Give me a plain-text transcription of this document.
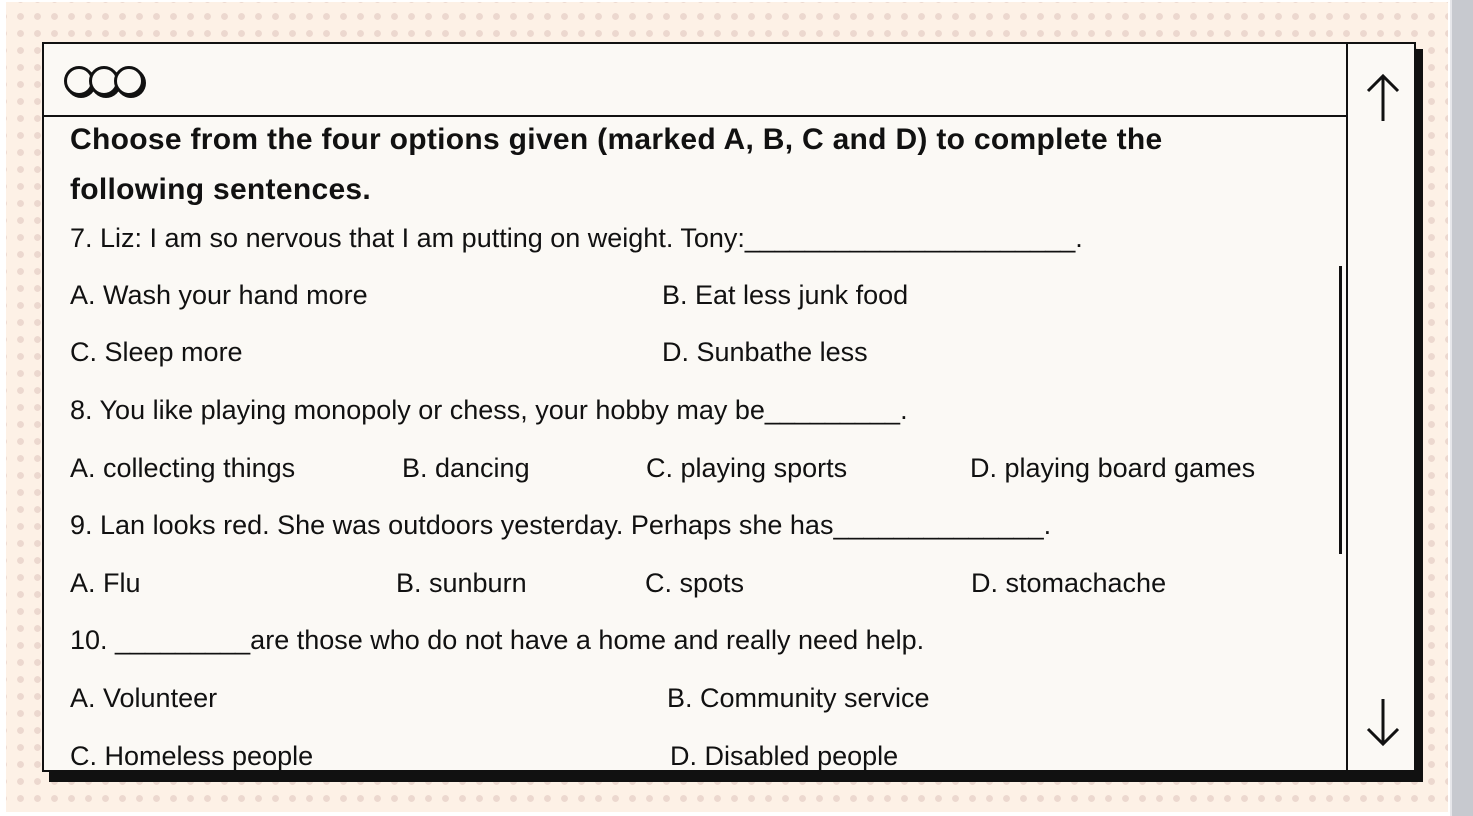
Choose from the four options given (marked A, B, C and D) to complete the
following sentences.
7. Liz: I am so nervous that I am putting on weight. Tony:______________________.
A. Wash your hand more	B. Eat less junk food
C. Sleep more	D. Sunbathe less
8. You like playing monopoly or chess, your hobby may be_________.
A. collecting things	B. dancing	C. playing sports	D. playing board games
9. Lan looks red. She was outdoors yesterday. Perhaps she has______________.
A. Flu	B. sunburn	C. spots	D. stomachache
10. _________are those who do not have a home and really need help.
A. Volunteer	B. Community service
C. Homeless people	D. Disabled people
